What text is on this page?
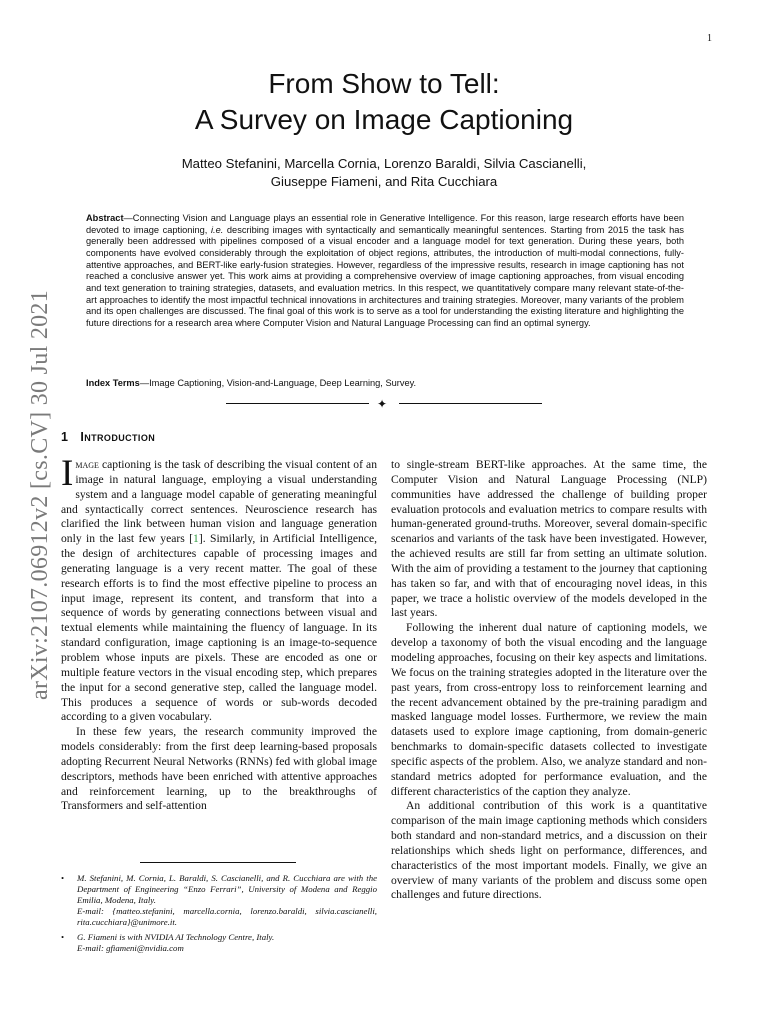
1
arXiv:2107.06912v2 [cs.CV] 30 Jul 2021
From Show to Tell:
A Survey on Image Captioning
Matteo Stefanini, Marcella Cornia, Lorenzo Baraldi, Silvia Cascianelli,
Giuseppe Fiameni, and Rita Cucchiara
Abstract—Connecting Vision and Language plays an essential role in Generative Intelligence. For this reason, large research efforts have been devoted to image captioning, i.e. describing images with syntactically and semantically meaningful sentences. Starting from 2015 the task has generally been addressed with pipelines composed of a visual encoder and a language model for text generation. During these years, both components have evolved considerably through the exploitation of object regions, attributes, the introduction of multi-modal connections, fully-attentive approaches, and BERT-like early-fusion strategies. However, regardless of the impressive results, research in image captioning has not reached a conclusive answer yet. This work aims at providing a comprehensive overview of image captioning approaches, from visual encoding and text generation to training strategies, datasets, and evaluation metrics. In this respect, we quantitatively compare many relevant state-of-the-art approaches to identify the most impactful technical innovations in architectures and training strategies. Moreover, many variants of the problem and its open challenges are discussed. The final goal of this work is to serve as a tool for understanding the existing literature and highlighting the future directions for a research area where Computer Vision and Natural Language Processing can find an optimal synergy.
Index Terms—Image Captioning, Vision-and-Language, Deep Learning, Survey.
✦
1 Introduction

Image captioning is the task of describing the visual content of an image in natural language, employing a visual understanding system and a language model capable of generating meaningful and syntactically correct sentences. Neuroscience research has clarified the link between human vision and language generation only in the last few years [1]. Similarly, in Artificial Intelligence, the design of architectures capable of processing images and generating language is a very recent matter. The goal of these research efforts is to find the most effective pipeline to process an input image, represent its content, and transform that into a sequence of words by generating connections between visual and textual elements while maintaining the fluency of language. In its standard configuration, image captioning is an image-to-sequence problem whose inputs are pixels. These are encoded as one or multiple feature vectors in the visual encoding step, which prepares the input for a second generative step, called the language model. This produces a sequence of words or sub-words decoded according to a given vocabulary.

In these few years, the research community improved the models considerably: from the first deep learning-based proposals adopting Recurrent Neural Networks (RNNs) fed with global image descriptors, methods have been enriched with attentive approaches and reinforcement learning, up to the breakthroughs of Transformers and self-attention

to single-stream BERT-like approaches. At the same time, the Computer Vision and Natural Language Processing (NLP) communities have addressed the challenge of building proper evaluation protocols and evaluation metrics to compare results with human-generated ground-truths. Moreover, several domain-specific scenarios and variants of the task have been investigated. However, the achieved results are still far from setting an ultimate solution. With the aim of providing a testament to the journey that captioning has taken so far, and with that of encouraging novel ideas, in this paper, we trace a holistic overview of the models developed in the last years.

Following the inherent dual nature of captioning models, we develop a taxonomy of both the visual encoding and the language modeling approaches, focusing on their key aspects and limitations. We focus on the training strategies adopted in the literature over the past years, from cross-entropy loss to reinforcement learning and the recent advancement obtained by the pre-training paradigm and masked language model losses. Furthermore, we review the main datasets used to explore image captioning, from domain-generic benchmarks to domain-specific datasets collected to investigate specific aspects of the problem. Also, we analyze standard and non-standard metrics adopted for performance evaluation, and the different characteristics of the caption they analyze.

An additional contribution of this work is a quantitative comparison of the main image captioning methods which considers both standard and non-standard metrics, and a discussion on their relationships which sheds light on performance, differences, and characteristics of the most important models. Finally, we give an overview of many variants of the problem and discuss some open challenges and future directions.

• M. Stefanini, M. Cornia, L. Baraldi, S. Cascianelli, and R. Cucchiara are with the Department of Engineering “Enzo Ferrari”, University of Modena and Reggio Emilia, Modena, Italy.
E-mail: {matteo.stefanini, marcella.cornia, lorenzo.baraldi, silvia.cascianelli, rita.cucchiara}@unimore.it.
• G. Fiameni is with NVIDIA AI Technology Centre, Italy.
E-mail: gfiameni@nvidia.com
